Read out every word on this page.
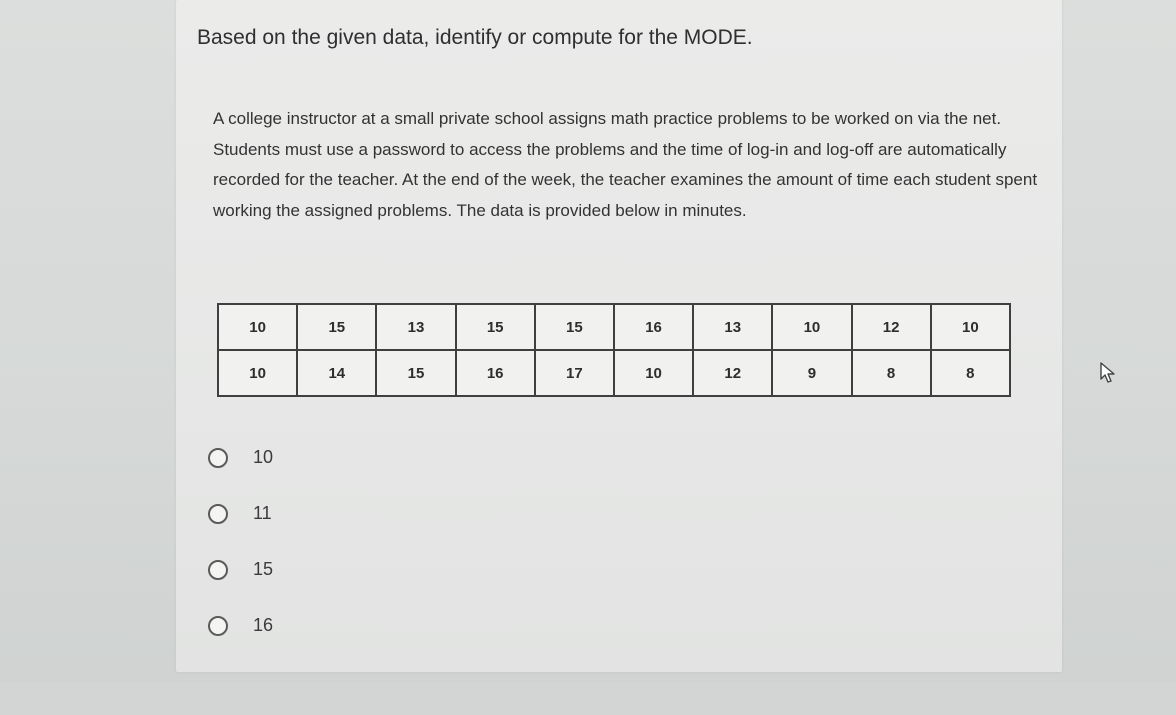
Based on the given data, identify or compute for the MODE.

A college instructor at a small private school assigns math practice problems to be worked on via the net. Students must use a password to access the problems and the time of log-in and log-off are automatically recorded for the teacher. At the end of the week, the teacher examines the amount of time each student spent working the assigned problems. The data is provided below in minutes.

10	15	13	15	15	16	13	10	12	10
10	14	15	16	17	10	12	9	8	8
10
11
15
16
